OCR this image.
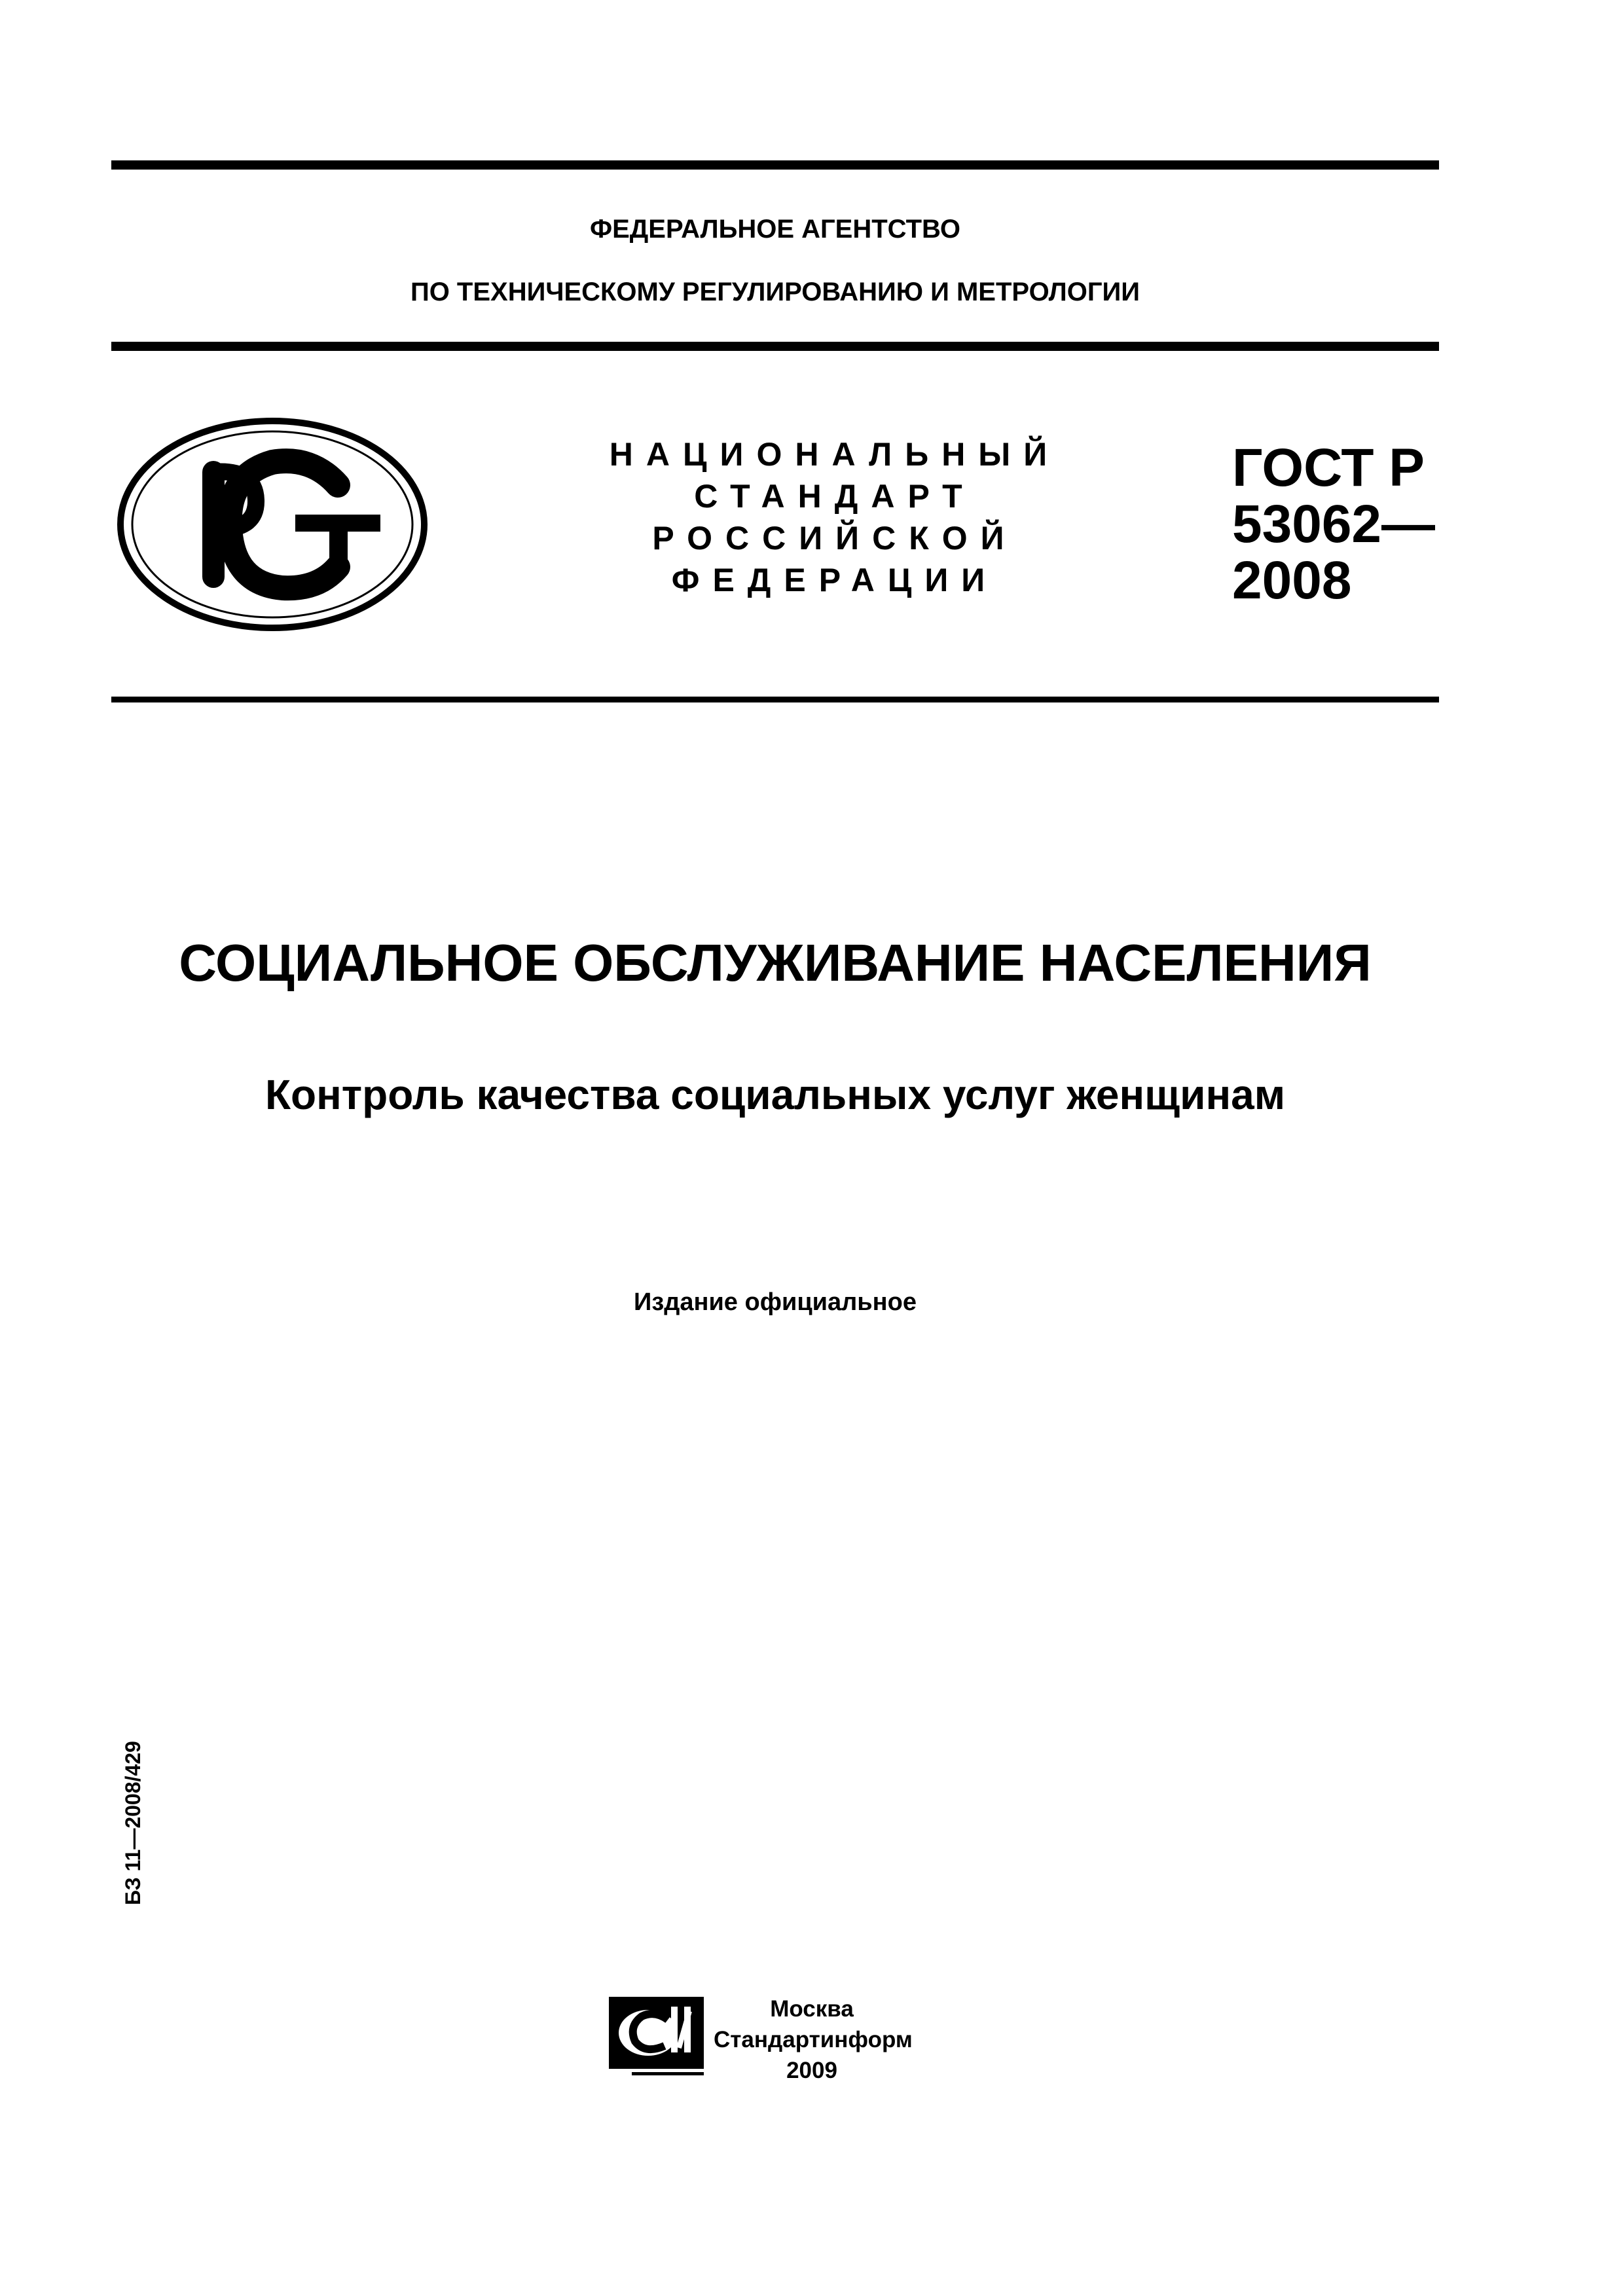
ФЕДЕРАЛЬНОЕ АГЕНТСТВО
ПО ТЕХНИЧЕСКОМУ РЕГУЛИРОВАНИЮ И МЕТРОЛОГИИ
НАЦИОНАЛЬНЫЙ
СТАНДАРТ
РОССИЙСКОЙ
ФЕДЕРАЦИИ
ГОСТ Р
53062—
2008
СОЦИАЛЬНОЕ ОБСЛУЖИВАНИЕ НАСЕЛЕНИЯ
Контроль качества социальных услуг женщинам
Издание официальное
БЗ 11—2008/429
Москва
Стандартинформ
2009
